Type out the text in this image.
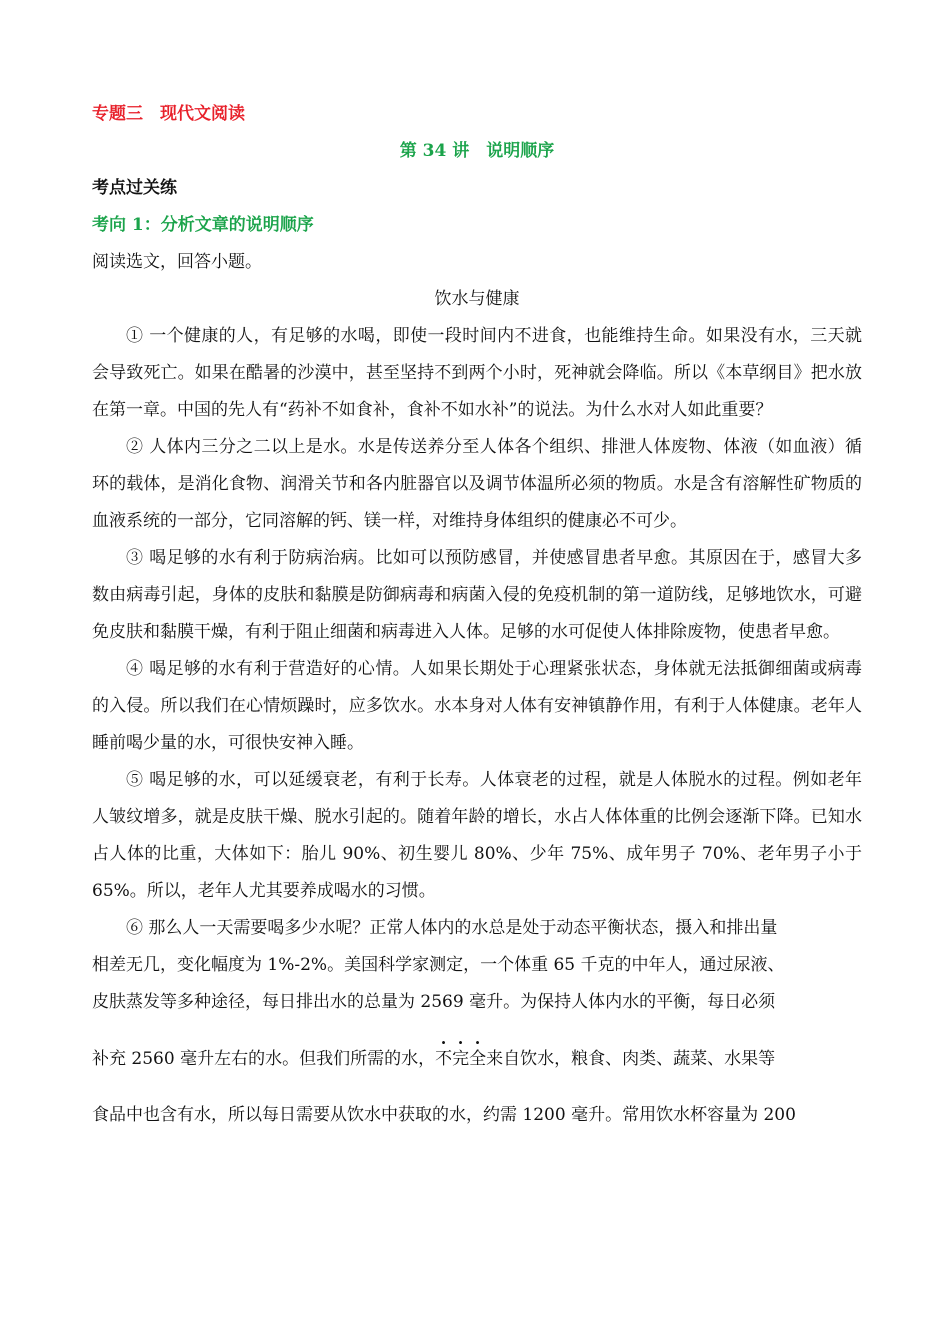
专题三　现代文阅读
第 34 讲　说明顺序
考点过关练
考向 1：分析文章的说明顺序
阅读选文，回答小题。
饮水与健康

① 一个健康的人，有足够的水喝，即使一段时间内不进食，也能维持生命。如果没有水，三天就会导致死亡。如果在酷暑的沙漠中，甚至坚持不到两个小时，死神就会降临。所以《本草纲目》把水放在第一章。中国的先人有“药补不如食补，食补不如水补”的说法。为什么水对人如此重要？

② 人体内三分之二以上是水。水是传送养分至人体各个组织、排泄人体废物、体液（如血液）循环的载体，是消化食物、润滑关节和各内脏器官以及调节体温所必须的物质。水是含有溶解性矿物质的血液系统的一部分，它同溶解的钙、镁一样，对维持身体组织的健康必不可少。

③ 喝足够的水有利于防病治病。比如可以预防感冒，并使感冒患者早愈。其原因在于，感冒大多数由病毒引起，身体的皮肤和黏膜是防御病毒和病菌入侵的免疫机制的第一道防线，足够地饮水，可避免皮肤和黏膜干燥，有利于阻止细菌和病毒进入人体。足够的水可促使人体排除废物，使患者早愈。

④ 喝足够的水有利于营造好的心情。人如果长期处于心理紧张状态，身体就无法抵御细菌或病毒的入侵。所以我们在心情烦躁时，应多饮水。水本身对人体有安神镇静作用，有利于人体健康。老年人睡前喝少量的水，可很快安神入睡。

⑤ 喝足够的水，可以延缓衰老，有利于长寿。人体衰老的过程，就是人体脱水的过程。例如老年人皱纹增多，就是皮肤干燥、脱水引起的。随着年龄的增长，水占人体体重的比例会逐渐下降。已知水占人体的比重，大体如下：胎儿 90%、初生婴儿 80%、少年 75%、成年男子 70%、老年男子小于 65%。所以，老年人尤其要养成喝水的习惯。

⑥ 那么人一天需要喝多少水呢？正常人体内的水总是处于动态平衡状态，摄入和排出量
相差无几，变化幅度为 1%-2%。美国科学家测定，一个体重 65 千克的中年人，通过尿液、
皮肤蒸发等多种途径，每日排出水的总量为 2569 毫升。为保持人体内水的平衡，每日必须
补充 2560 毫升左右的水。但我们所需的水，不完全来自饮水，粮食、肉类、蔬菜、水果等
食品中也含有水，所以每日需要从饮水中获取的水，约需 1200 毫升。常用饮水杯容量为 200
